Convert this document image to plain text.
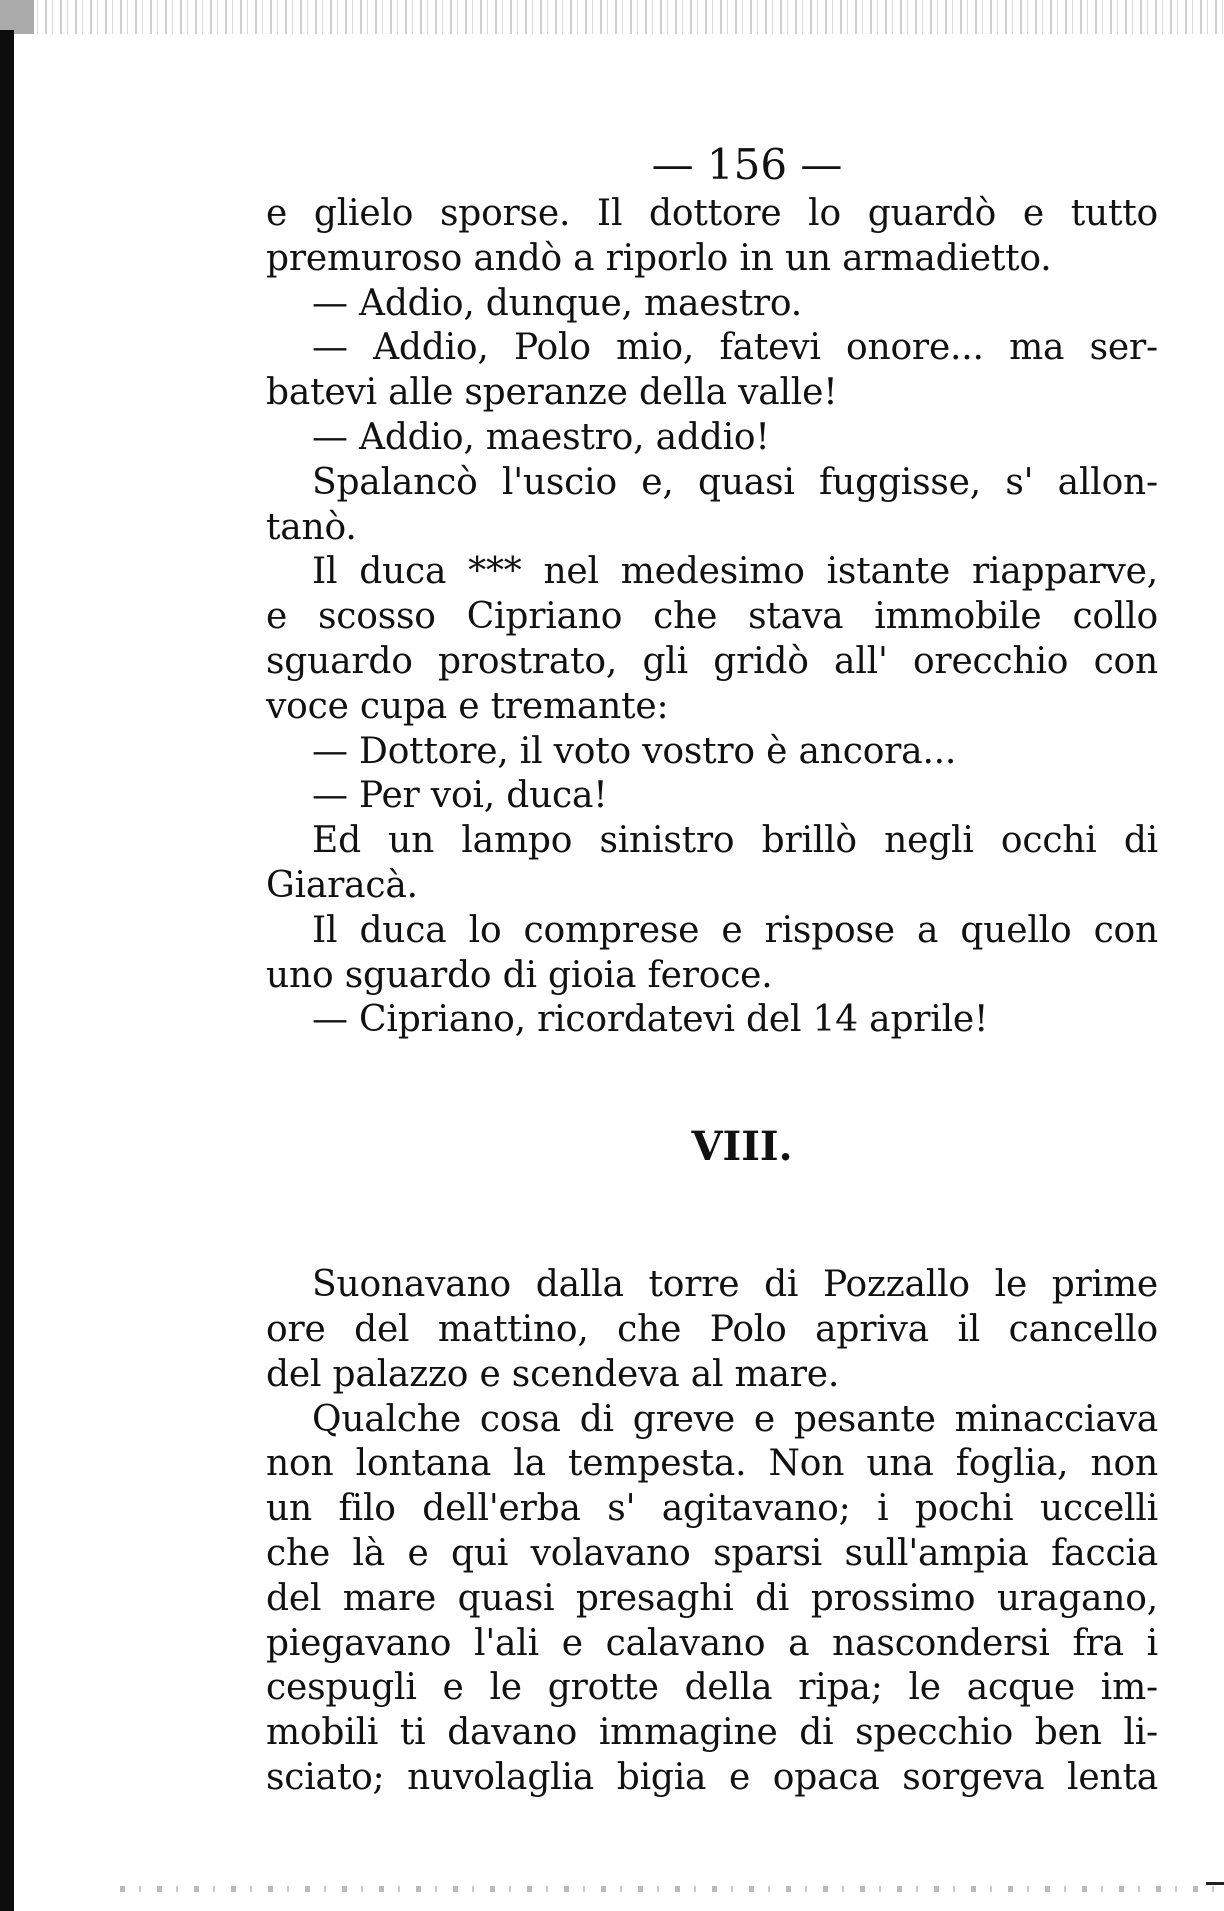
— 156 —
e glielo sporse. Il dottore lo guardò e tutto
premuroso andò a riporlo in un armadietto.
— Addio, dunque, maestro.
— Addio, Polo mio, fatevi onore... ma ser-
batevi alle speranze della valle!
— Addio, maestro, addio!
Spalancò l'uscio e, quasi fuggisse, s' allon-
tanò.
Il duca *** nel medesimo istante riapparve,
e scosso Cipriano che stava immobile collo
sguardo prostrato, gli gridò all' orecchio con
voce cupa e tremante:
— Dottore, il voto vostro è ancora...
— Per voi, duca!
Ed un lampo sinistro brillò negli occhi di
Giaracà.
Il duca lo comprese e rispose a quello con
uno sguardo di gioia feroce.
— Cipriano, ricordatevi del 14 aprile!
VIII.
Suonavano dalla torre di Pozzallo le prime
ore del mattino, che Polo apriva il cancello
del palazzo e scendeva al mare.
Qualche cosa di greve e pesante minacciava
non lontana la tempesta. Non una foglia, non
un filo dell'erba s' agitavano; i pochi uccelli
che là e qui volavano sparsi sull'ampia faccia
del mare quasi presaghi di prossimo uragano,
piegavano l'ali e calavano a nascondersi fra i
cespugli e le grotte della ripa; le acque im-
mobili ti davano immagine di specchio ben li-
sciato; nuvolaglia bigia e opaca sorgeva lenta
